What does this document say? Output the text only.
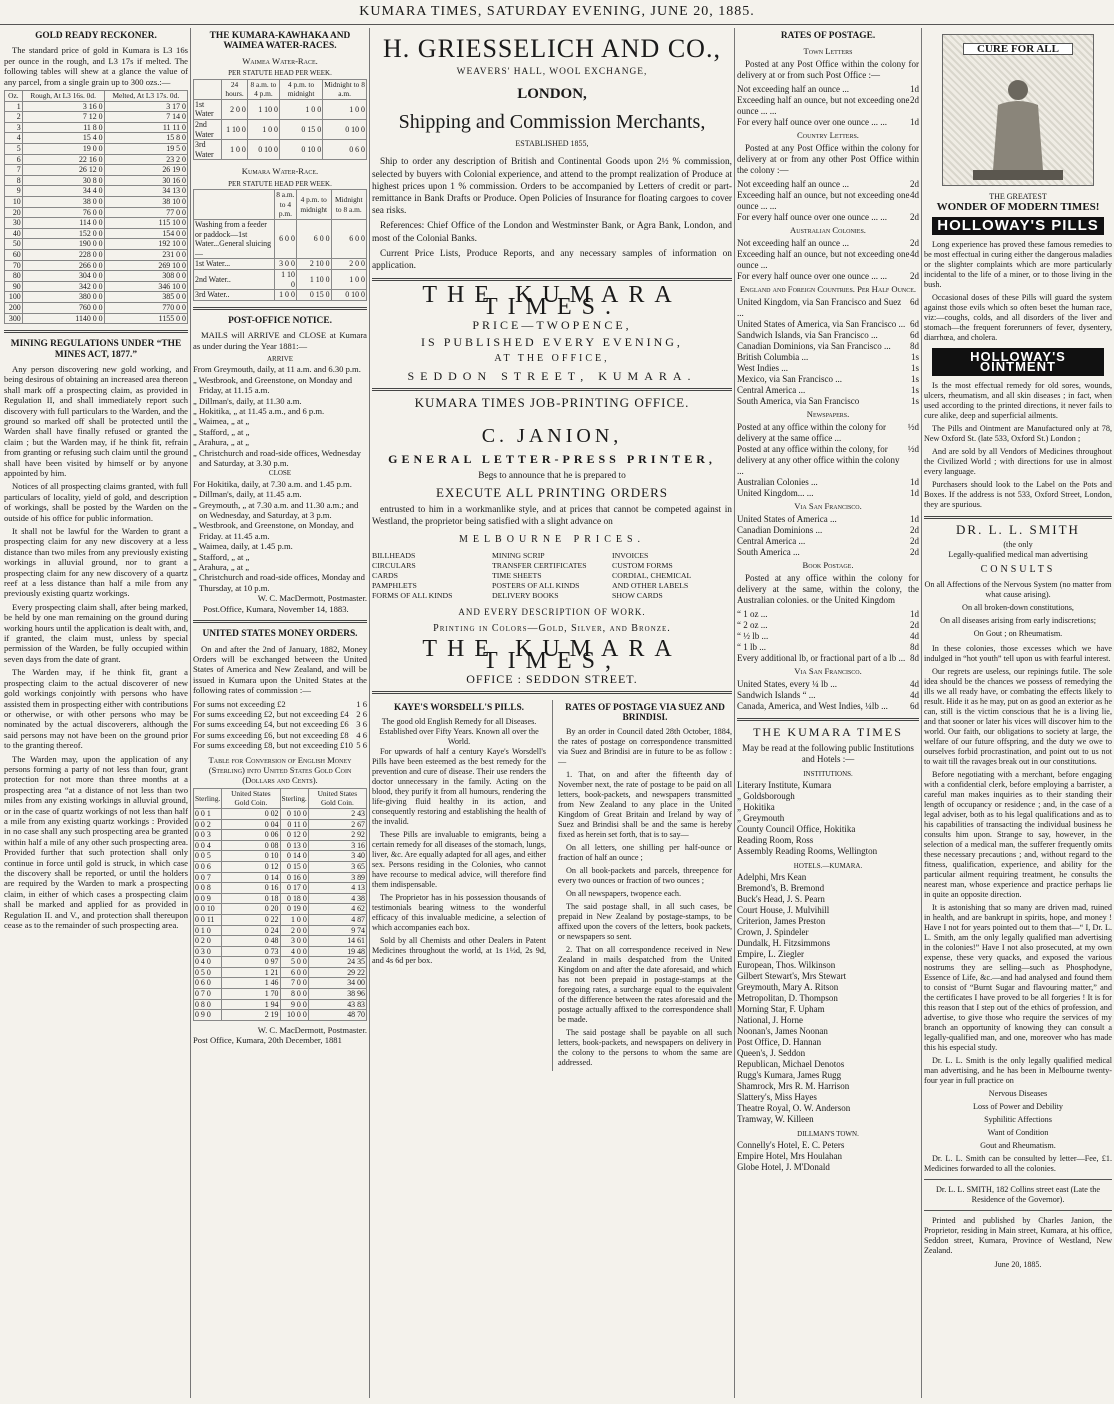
KUMARA TIMES, SATURDAY EVENING, JUNE 20, 1885.
GOLD READY RECKONER.

The standard price of gold in Kumara is L3 16s per ounce in the rough, and L3 17s if melted. The following tables will shew at a glance the value of any parcel, from a single grain up to 300 ozs.:—

Oz.	Rough, At L3 16s. 0d.	Melted, At L3 17s. 0d.
1	3 16 0	3 17 0
2	7 12 0	7 14 0
3	11 8 0	11 11 0
4	15 4 0	15 8 0
5	19 0 0	19 5 0
6	22 16 0	23 2 0
7	26 12 0	26 19 0
8	30 8 0	30 16 0
9	34 4 0	34 13 0
10	38 0 0	38 10 0
20	76 0 0	77 0 0
30	114 0 0	115 10 0
40	152 0 0	154 0 0
50	190 0 0	192 10 0
60	228 0 0	231 0 0
70	266 0 0	269 10 0
80	304 0 0	308 0 0
90	342 0 0	346 10 0
100	380 0 0	385 0 0
200	760 0 0	770 0 0
300	1140 0 0	1155 0 0
MINING REGULATIONS UNDER “THE MINES ACT, 1877.”

Any person discovering new gold working, and being desirous of obtaining an increased area thereon shall mark off a prospecting claim, as provided in Regulation II, and shall immediately report such discovery with full particulars to the Warden, and the ground so marked off shall be protected until the Warden shall have finally refused or granted the claim ; but the Warden may, if he think fit, refrain from granting or refusing such claim until the ground shall have been visited by himself or by anyone appointed by him.

Notices of all prospecting claims granted, with full particulars of locality, yield of gold, and description of workings, shall be posted by the Warden on the outside of his office for public information.

It shall not be lawful for the Warden to grant a prospecting claim for any new discovery at a less distance than two miles from any previously existing workings in alluvial ground, nor to grant a prospecting claim for any new discovery of a quartz reef at a less distance than half a mile from any previously existing quartz workings.

Every prospecting claim shall, after being marked, be held by one man remaining on the ground during working hours until the application is dealt with, and, if granted, the claim must, unless by special permission of the Warden, be fully occupied within seven days from the date of grant.

The Warden may, if he think fit, grant a prospecting claim to the actual discoverer of new gold workings conjointly with persons who have assisted them in prospecting either with contributions or otherwise, or with other persons who may be nominated by the actual discoverers, although the said persons may not have been on the ground prior to the granting thereof.

The Warden may, upon the application of any persons forming a party of not less than four, grant protection for not more than three months at a prospecting area “at a distance of not less than two miles from any existing workings in alluvial ground, or in the case of quartz workings of not less than half a mile from any existing quartz workings : Provided in no case shall any such prospecting area be granted within half a mile of any other such prospecting area. Provided further that such protection shall only continue in force until gold is struck, in which case the discovery shall be reported, or until the holders are required by the Warden to mark a prospecting claim, in either of which cases a prospecting claim shall be marked and applied for as provided in Regulation II. and V., and protection shall thereupon cease as to the remainder of such prospecting area.

THE KUMARA-KAWHAKA AND WAIMEA WATER-RACES.
Waimea Water-Race.
PER STATUTE HEAD PER WEEK.
	24 hours.	8 a.m. to 4 p.m.	4 p.m. to midnight	Midnight to 8 a.m.
1st Water	2 0 0	1 10 0	1 0 0	1 0 0
2nd Water	1 10 0	1 0 0	0 15 0	0 10 0
3rd Water	1 0 0	0 10 0	0 10 0	0 6 0
Kumara Water-Race.
PER STATUTE HEAD PER WEEK.
	8 a.m. to 4 p.m.	4 p.m. to midnight	Midnight to 8 a.m.
Washing from a feeder or paddock—1st Water...General sluicing—	6 0 0	6 0 0	6 0 0
1st Water...	3 0 0	2 10 0	2 0 0
2nd Water..	1 10 0	1 10 0	1 0 0
3rd Water..	1 0 0	0 15 0	0 10 0
POST-OFFICE NOTICE.

MAILS will ARRIVE and CLOSE at Kumara as under during the Year 1881:—

ARRIVE
From Greymouth, daily, at 11 a.m. and 6.30 p.m.
„ Westbrook, and Greenstone, on Monday and Friday, at 11.15 a.m.
„ Dillman's, daily, at 11.30 a.m.
„ Hokitika, „ at 11.45 a.m., and 6 p.m.
„ Waimea, „ at „
„ Stafford, „ at „
„ Arahura, „ at „
„ Christchurch and road-side offices, Wednesday and Saturday, at 3.30 p.m.
CLOSE
For Hokitika, daily, at 7.30 a.m. and 1.45 p.m.
„ Dillman's, daily, at 11.45 a.m.
„ Greymouth, „ at 7.30 a.m. and 11.30 a.m.; and on Wednesday, and Saturday, at 3 p.m.
„ Westbrook, and Greenstone, on Monday, and Friday. at 11.45 a.m.
„ Waimea, daily, at 1.45 p.m.
„ Stafford, „ at „
„ Arahura, „ at „
„ Christchurch and road-side offices, Monday and Thursday, at 10 p.m.
W. C. MacDermott, Postmaster.
Post.Office, Kumara, November 14, 1883.
UNITED STATES MONEY ORDERS.

On and after the 2nd of January, 1882, Money Orders will be exchanged between the United States of America and New Zealand, and will be issued in Kumara upon the United States at the following rates of commission :—

For sums not exceeding £2	1 6
For sums exceeding £2, but not exceeding £4 2 6
For sums exceeding £4, but not exceeding £6 3 6
For sums exceeding £6, but not exceeding £8 4 6
For sums exceeding £8, but not exceeding £10 5 6
Table for Conversion of English Money (Sterling) into United States Gold Coin (Dollars and Cents).
Sterling.	United States Gold Coin.	Sterling.	United States Gold Coin.
0 0 1	0 02	0 10 0	2 43
0 0 2	0 04	0 11 0	2 67
0 0 3	0 06	0 12 0	2 92
0 0 4	0 08	0 13 0	3 16
0 0 5	0 10	0 14 0	3 40
0 0 6	0 12	0 15 0	3 65
0 0 7	0 14	0 16 0	3 89
0 0 8	0 16	0 17 0	4 13
0 0 9	0 18	0 18 0	4 38
0 0 10	0 20	0 19 0	4 62
0 0 11	0 22	1 0 0	4 87
0 1 0	0 24	2 0 0	9 74
0 2 0	0 48	3 0 0	14 61
0 3 0	0 73	4 0 0	19 48
0 4 0	0 97	5 0 0	24 35
0 5 0	1 21	6 0 0	29 22
0 6 0	1 46	7 0 0	34 00
0 7 0	1 70	8 0 0	38 96
0 8 0	1 94	9 0 0	43 83
0 9 0	2 19	10 0 0	48 70
W. C. MacDermott, Postmaster.
Post Office, Kumara, 20th December, 1881
H. GRIESSELICH AND CO.,
WEAVERS' HALL, WOOL EXCHANGE,
LONDON,
Shipping and Commission Merchants,
ESTABLISHED 1855,

Ship to order any description of British and Continental Goods upon 2½ % commission, selected by buyers with Colonial experience, and attend to the prompt realization of Produce at highest prices upon 1 % commission. Orders to be accompanied by Letters of credit or part-remittance in Bank Drafts or Produce. Open Policies of Insurance for floating cargoes to cover sea risks.

References: Chief Office of the London and Westminster Bank, or Agra Bank, London, and most of the Colonial Banks.

Current Price Lists, Produce Reports, and any necessary samples of information on application.

THE KUMARA TIMES.
PRICE—TWOPENCE,
IS PUBLISHED EVERY EVENING,
AT THE OFFICE,
SEDDON STREET, KUMARA.
KUMARA TIMES JOB-PRINTING OFFICE.
C. JANION,
GENERAL LETTER-PRESS PRINTER,
Begs to announce that he is prepared to
EXECUTE ALL PRINTING ORDERS

entrusted to him in a workmanlike style, and at prices that cannot be competed against in Westland, the proprietor being satisfied with a slight advance on

MELBOURNE PRICES.
BILLHEADS	MINING SCRIP	INVOICES
CIRCULARS	TRANSFER CERTIFICATES	CUSTOM FORMS
CARDS	TIME SHEETS	CORDIAL, CHEMICAL
PAMPHLETS	POSTERS OF ALL KINDS	AND OTHER LABELS
FORMS OF ALL KINDS	DELIVERY BOOKS	SHOW CARDS
AND EVERY DESCRIPTION OF WORK.
Printing in Colors—Gold, Silver, and Bronze.
THE KUMARA TIMES,
OFFICE : SEDDON STREET.
KAYE'S WORSDELL'S PILLS.
The good old English Remedy for all Diseases. Established over Fifty Years. Known all over the World.

For upwards of half a century Kaye's Worsdell's Pills have been esteemed as the best remedy for the prevention and cure of disease. Their use renders the doctor unnecessary in the family. Acting on the blood, they purify it from all humours, rendering the life-giving fluid healthy in its action, and consequently restoring and establishing the health of the invalid.

These Pills are invaluable to emigrants, being a certain remedy for all diseases of the stomach, lungs, liver, &c. Are equally adapted for all ages, and either sex. Persons residing in the Colonies, who cannot have recourse to medical advice, will therefore find them indispensable.

The Proprietor has in his possession thousands of testimonials bearing witness to the wonderful efficacy of this invaluable medicine, a selection of which accompanies each box.

Sold by all Chemists and other Dealers in Patent Medicines throughout the world, at 1s 1½d, 2s 9d, and 4s 6d per box.

RATES OF POSTAGE VIA SUEZ AND BRINDISI.

By an order in Council dated 28th October, 1884, the rates of postage on correspondence transmitted via Suez and Brindisi are in future to be as follow :—

1. That, on and after the fifteenth day of November next, the rate of postage to be paid on all letters, book-packets, and newspapers transmitted from New Zealand to any place in the United Kingdom of Great Britain and Ireland by way of Suez and Brindisi shall be and the same is hereby fixed as herein set forth, that is to say—

On all letters, one shilling per half-ounce or fraction of half an ounce ;

On all book-packets and parcels, threepence for every two ounces or fraction of two ounces ;

On all newspapers, twopence each.

The said postage shall, in all such cases, be prepaid in New Zealand by postage-stamps, to be affixed upon the covers of the letters, book packets, or newspapers so sent.

2. That on all correspondence received in New Zealand in mails despatched from the United Kingdom on and after the date aforesaid, and which has not been prepaid in postage-stamps at the foregoing rates, a surcharge equal to the equivalent of the difference between the rates aforesaid and the postage actually affixed to the correspondence shall be made.

The said postage shall be payable on all such letters, book-packets, and newspapers on delivery in the colony to the persons to whom the same are addressed.

RATES OF POSTAGE.
Town Letters

Posted at any Post Office within the colony for delivery at or from such Post Office :—

Not exceeding half an ounce ...	1d
Exceeding half an ounce, but not exceeding one ounce ... ...
2d
For every half ounce over one ounce ... ...	1d
Country Letters.

Posted at any Post Office within the colony for delivery at or from any other Post Office within the colony :—

Not exceeding half an ounce ...	2d
Exceeding half an ounce, but not exceeding one ounce ... ...
4d
For every half ounce over one ounce ... ...	2d
Australian Colonies.
Not exceeding half an ounce ...	2d
Exceeding half an ounce, but not exceeding one ounce ...
4d
For every half ounce over one ounce ... ...	2d
England and Foreign Countries. Per Half Ounce.
United Kingdom, via San Francisco and Suez ...
6d
United States of America, via San Francisco ... 6d
Sandwich Islands, via San Francisco ...	6d
Canadian Dominions, via San Francisco ... 8d
British Columbia ...	1s
West Indies ...	1s
Mexico, via San Francisco ...	1s
Central America ...	1s
South America, via San Francisco	1s
Newspapers.
Posted at any office within the colony for delivery at the same office ...
½d
Posted at any office within the colony, for delivery at any other office within the colony ...
½d
Australian Colonies ...	1d
United Kingdom... ...	1d
Via San Francisco.
United States of America ...	1d
Canadian Dominions ...	2d
Central America ...	2d
South America ...	2d
Book Postage.

Posted at any office within the colony for delivery at the same, within the colony, the Australian colonies. or the United Kingdom

“ 1 oz ...	1d
“ 2 oz ...	2d
“ ½ lb ...	4d
“ 1 lb ...	8d
Every additional lb, or fractional part of a lb ... 8d
Via San Francisco.
United States, every ¼ lb ...	4d
Sandwich Islands “ ...	4d
Canada, America, and West Indies, ¼lb ... 6d
THE KUMARA TIMES
May be read at the following public Institutions and Hotels :—
INSTITUTIONS.
Literary Institute, Kumara
„ Goldsborough
„ Hokitika
„ Greymouth
County Council Office, Hokitika
Reading Room, Ross
Assembly Reading Rooms, Wellington
HOTELS.—KUMARA.
Adelphi, Mrs Kean
Bremond's, B. Bremond
Buck's Head, J. S. Pearn
Court House, J. Mulvihill
Criterion, James Preston
Crown, J. Spindeler
Dundalk, H. Fitzsimmons
Empire, L. Ziegler
European, Thos. Wilkinson
Gilbert Stewart's, Mrs Stewart
Greymouth, Mary A. Ritson
Metropolitan, D. Thompson
Morning Star, F. Upham
National, J. Horne
Noonan's, James Noonan
Post Office, D. Hannan
Queen's, J. Seddon
Republican, Michael Denotos
Rugg's Kumara, James Rugg
Shamrock, Mrs R. M. Harrison
Slattery's, Miss Hayes
Theatre Royal, O. W. Anderson
Tramway, W. Killeen
DILLMAN'S TOWN.
Connelly's Hotel, E. C. Peters
Empire Hotel, Mrs Houlahan
Globe Hotel, J. M'Donald
CURE FOR ALL
THE GREATEST
WONDER OF MODERN TIMES!
HOLLOWAY'S PILLS

Long experience has proved these famous remedies to be most effectual in curing either the dangerous maladies or the slighter complaints which are more particularly incidental to the life of a miner, or to those living in the bush.

Occasional doses of these Pills will guard the system against those evils which so often beset the human race, viz:—coughs, colds, and all disorders of the liver and stomach—the frequent forerunners of fever, dysentery, diarrhœa, and cholera.

HOLLOWAY'S OINTMENT

Is the most effectual remedy for old sores, wounds, ulcers, rheumatism, and all skin diseases ; in fact, when used according to the printed directions, it never fails to cure alike, deep and superficial ailments.

The Pills and Ointment are Manufactured only at 78, New Oxford St. (late 533, Oxford St.) London ;

And are sold by all Vendors of Medicines throughout the Civilized World ; with directions for use in almost every language.

Purchasers should look to the Label on the Pots and Boxes. If the address is not 533, Oxford Street, London, they are spurious.

DR. L. L. SMITH
(the only
Legally-qualified medical man advertising
CONSULTS
On all Affections of the Nervous System (no matter from what cause arising).
On all broken-down constitutions,
On all diseases arising from early indiscretions;
On Gout ; on Rheumatism.

In these colonies, those excesses which we have indulged in “hot youth” tell upon us with fearful interest.

Our regrets are useless, our repinings futile. The sole idea should be the chances we possess of remedying the ills we all ready have, or combating the effects likely to result. Hide it as he may, put on as good an exterior as he can, still is the victim conscious that he is a living lie, and that sooner or later his vices will discover him to the world. Our faith, our obligations to society at large, the welfare of our future offspring, and the duty we owe to ourselves forbid procrastination, and point out to us not to wait till the ravages break out in our constitutions.

Before negotiating with a merchant, before engaging with a confidential clerk, before employing a barrister, a careful man makes inquiries as to their standing their length of occupancy or residence ; and, in the case of a legal adviser, both as to his legal qualifications and as to his capabilities of transacting the individual business he consults him upon. Strange to say, however, in the selection of a medical man, the sufferer frequently omits these necessary precautions ; and, without regard to the fitness, qualification, experience, and ability for the particular ailment requiring treatment, he consults the nearest man, whose experience and practice perhaps lie in quite an opposite direction.

It is astonishing that so many are driven mad, ruined in health, and are bankrupt in spirits, hope, and money ! Have I not for years pointed out to them that—“ I, Dr. L. L. Smith, am the only legally qualified man advertising in the colonies!” Have I not also prosecuted, at my own expense, these very quacks, and exposed the various nostrums they are selling—such as Phosphodyne, Essence of Life, &c.—and had analysed and found them to consist of “Burnt Sugar and flavouring matter,” and the certificates I have proved to be all forgeries ! It is for this reason that I step out of the ethics of profession, and advertise, to give those who require the services of my branch an opportunity of knowing they can consult a legally-qualified man, and one, moreover who has made this his especial study.

Dr. L. L. Smith is the only legally qualified medical man advertising, and he has been in Melbourne twenty-four year in full practice on

Nervous Diseases
Loss of Power and Debility
Syphilitic Affections
Want of Condition
Gout and Rheumatism.

Dr. L. L. Smith can be consulted by letter—Fee, £1. Medicines forwarded to all the colonies.

Dr. L. L. SMITH, 182 Collins street east (Late the Residence of the Governor).

Printed and published by Charles Janion, the Proprietor, residing in Main street, Kumara, at his office, Seddon street, Kumara, Province of Westland, New Zealand.

June 20, 1885.
